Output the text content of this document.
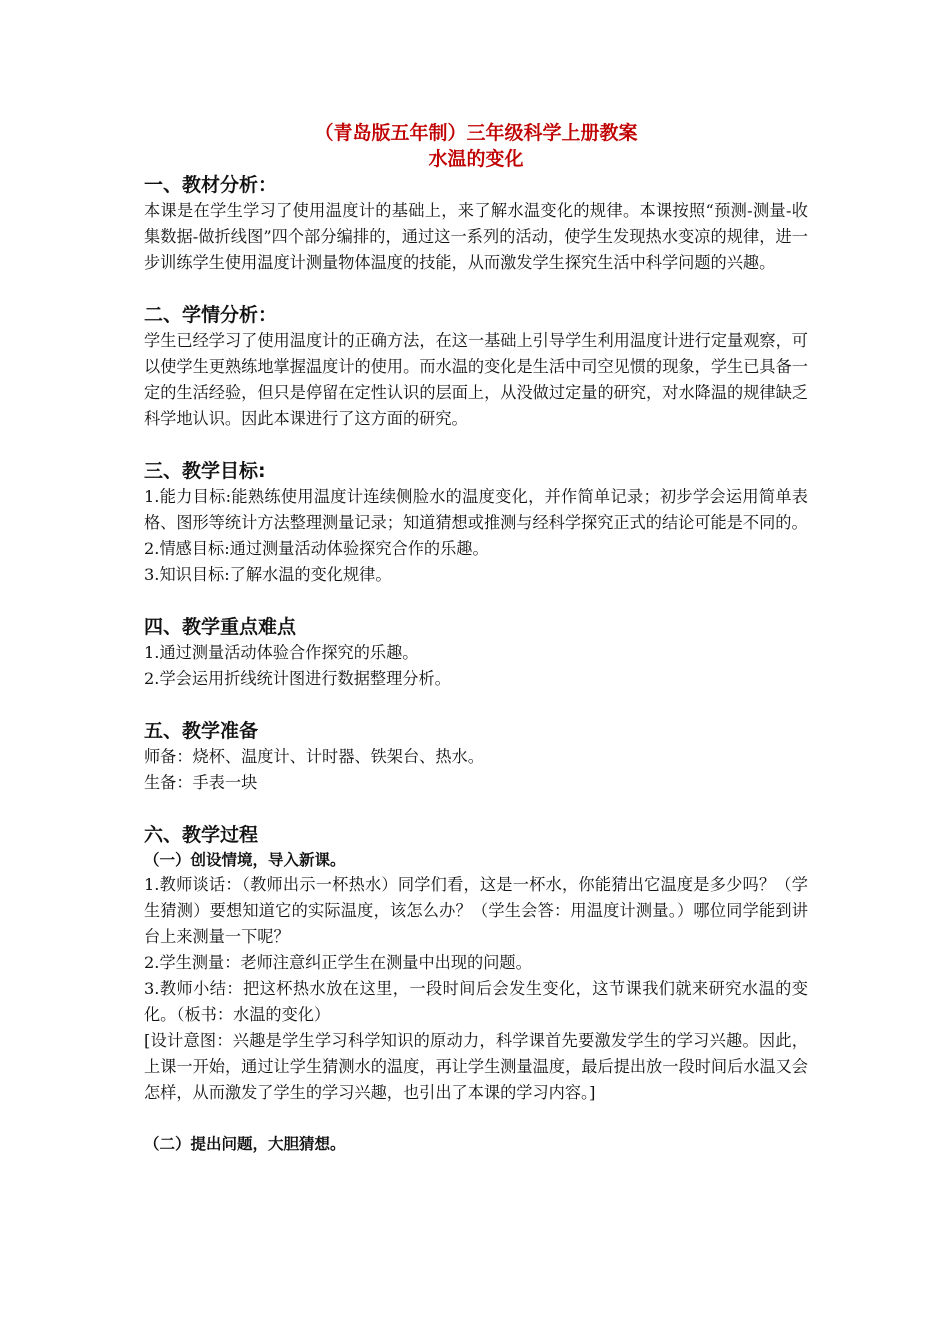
（青岛版五年制）三年级科学上册教案

水温的变化

一、教材分析：

本课是在学生学习了使用温度计的基础上，来了解水温变化的规律。本课按照“预测-测量-收集数据-做折线图”四个部分编排的，通过这一系列的活动，使学生发现热水变凉的规律，进一步训练学生使用温度计测量物体温度的技能，从而激发学生探究生活中科学问题的兴趣。

二、学情分析：

学生已经学习了使用温度计的正确方法，在这一基础上引导学生利用温度计进行定量观察，可以使学生更熟练地掌握温度计的使用。而水温的变化是生活中司空见惯的现象，学生已具备一定的生活经验，但只是停留在定性认识的层面上，从没做过定量的研究，对水降温的规律缺乏科学地认识。因此本课进行了这方面的研究。

三、教学目标:

1.能力目标:能熟练使用温度计连续侧脸水的温度变化，并作简单记录；初步学会运用简单表格、图形等统计方法整理测量记录；知道猜想或推测与经科学探究正式的结论可能是不同的。

2.情感目标:通过测量活动体验探究合作的乐趣。

3.知识目标:了解水温的变化规律。

四、教学重点难点

1.通过测量活动体验合作探究的乐趣。

2.学会运用折线统计图进行数据整理分析。

五、教学准备

师备：烧杯、温度计、计时器、铁架台、热水。

生备：手表一块

六、教学过程

（一）创设情境，导入新课。

1.教师谈话：（教师出示一杯热水）同学们看，这是一杯水，你能猜出它温度是多少吗？（学生猜测）要想知道它的实际温度，该怎么办？（学生会答：用温度计测量。）哪位同学能到讲台上来测量一下呢？

2.学生测量：老师注意纠正学生在测量中出现的问题。

3.教师小结：把这杯热水放在这里，一段时间后会发生变化，这节课我们就来研究水温的变化。（板书：水温的变化）

[设计意图：兴趣是学生学习科学知识的原动力，科学课首先要激发学生的学习兴趣。因此，上课一开始，通过让学生猜测水的温度，再让学生测量温度，最后提出放一段时间后水温又会怎样，从而激发了学生的学习兴趣，也引出了本课的学习内容。]

（二）提出问题，大胆猜想。
